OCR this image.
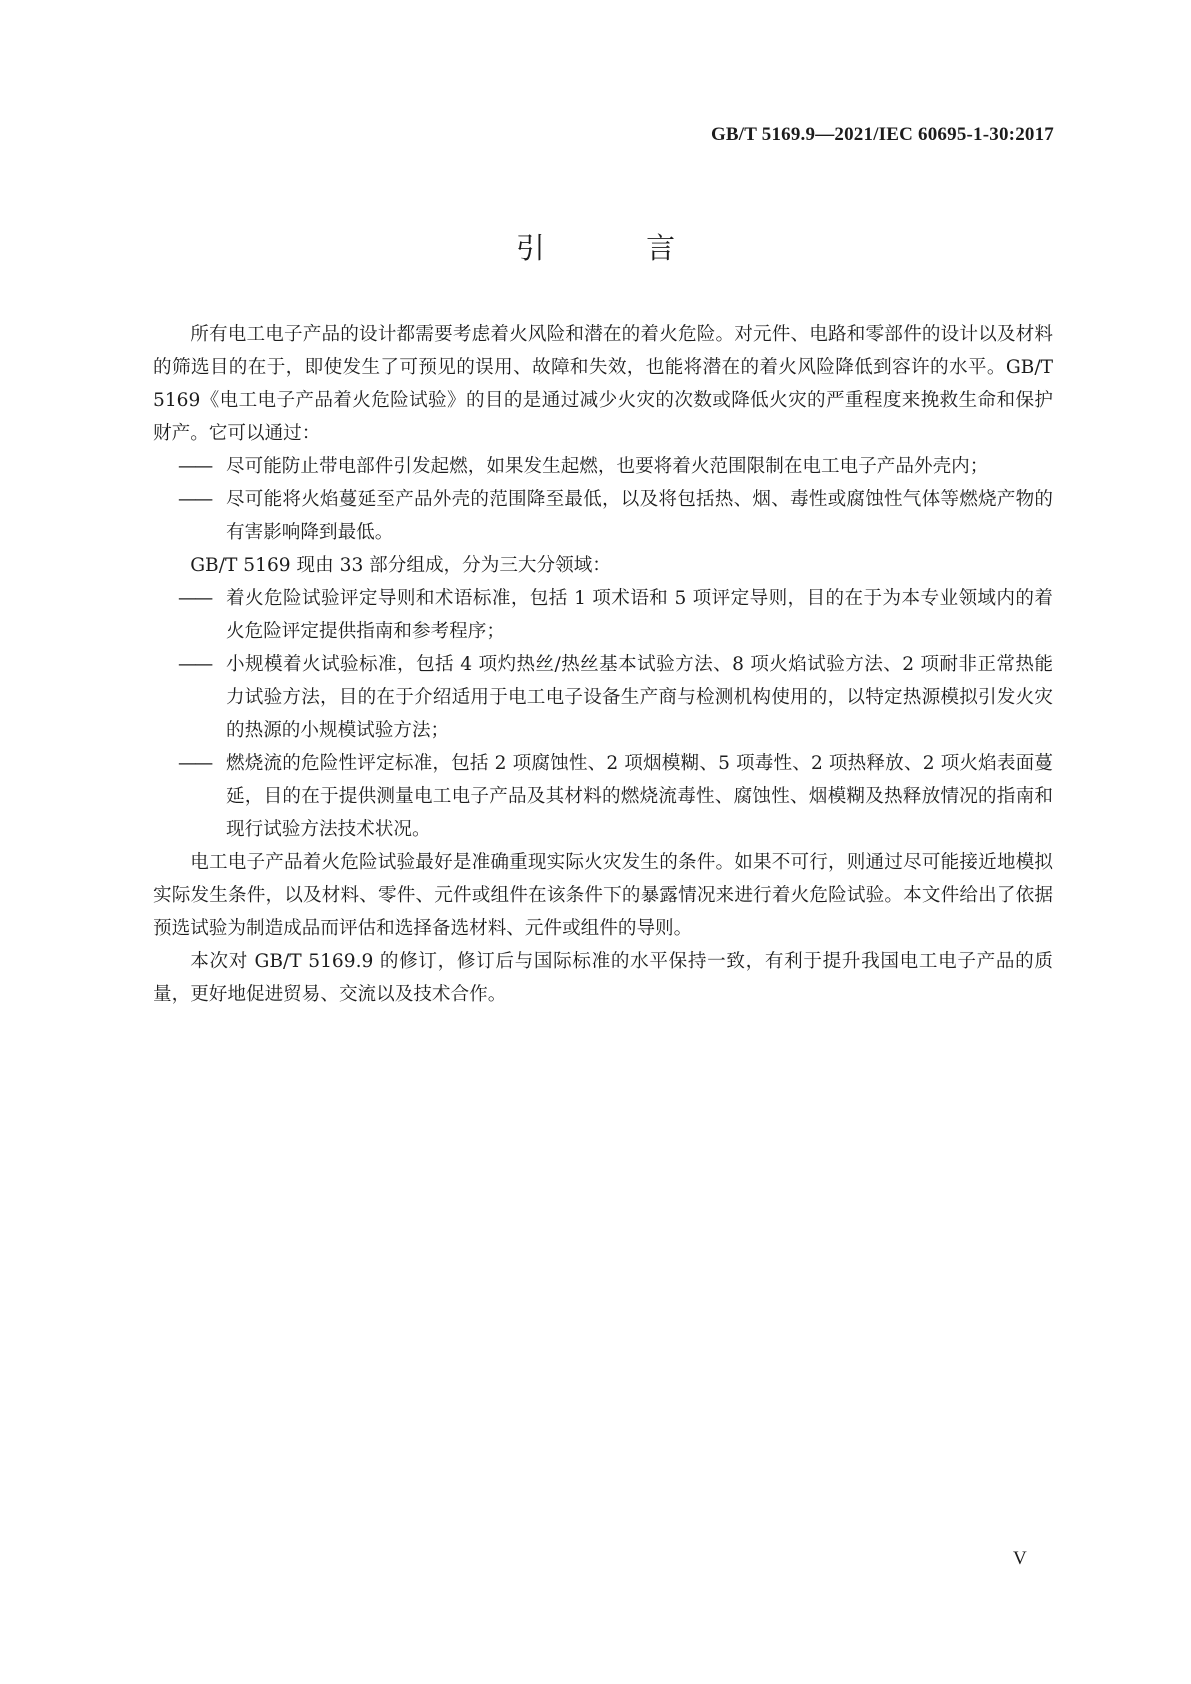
GB/T 5169.9—2021/IEC 60695-1-30:2017
引 言

所有电工电子产品的设计都需要考虑着火风险和潜在的着火危险。对元件、电路和零部件的设计以及材料的筛选目的在于，即使发生了可预见的误用、故障和失效，也能将潜在的着火风险降低到容许的水平。GB/T 5169《电工电子产品着火危险试验》的目的是通过减少火灾的次数或降低火灾的严重程度来挽救生命和保护财产。它可以通过：

—— 尽可能防止带电部件引发起燃，如果发生起燃，也要将着火范围限制在电工电子产品外壳内；
—— 尽可能将火焰蔓延至产品外壳的范围降至最低，以及将包括热、烟、毒性或腐蚀性气体等燃烧产物的有害影响降到最低。

GB/T 5169 现由 33 部分组成，分为三大分领域：

—— 着火危险试验评定导则和术语标准，包括 1 项术语和 5 项评定导则，目的在于为本专业领域内的着火危险评定提供指南和参考程序；
—— 小规模着火试验标准，包括 4 项灼热丝/热丝基本试验方法、8 项火焰试验方法、2 项耐非正常热能力试验方法，目的在于介绍适用于电工电子设备生产商与检测机构使用的，以特定热源模拟引发火灾的热源的小规模试验方法；
—— 燃烧流的危险性评定标准，包括 2 项腐蚀性、2 项烟模糊、5 项毒性、2 项热释放、2 项火焰表面蔓延，目的在于提供测量电工电子产品及其材料的燃烧流毒性、腐蚀性、烟模糊及热释放情况的指南和现行试验方法技术状况。

电工电子产品着火危险试验最好是准确重现实际火灾发生的条件。如果不可行，则通过尽可能接近地模拟实际发生条件，以及材料、零件、元件或组件在该条件下的暴露情况来进行着火危险试验。本文件给出了依据预选试验为制造成品而评估和选择备选材料、元件或组件的导则。

本次对 GB/T 5169.9 的修订，修订后与国际标准的水平保持一致，有利于提升我国电工电子产品的质量，更好地促进贸易、交流以及技术合作。

V
